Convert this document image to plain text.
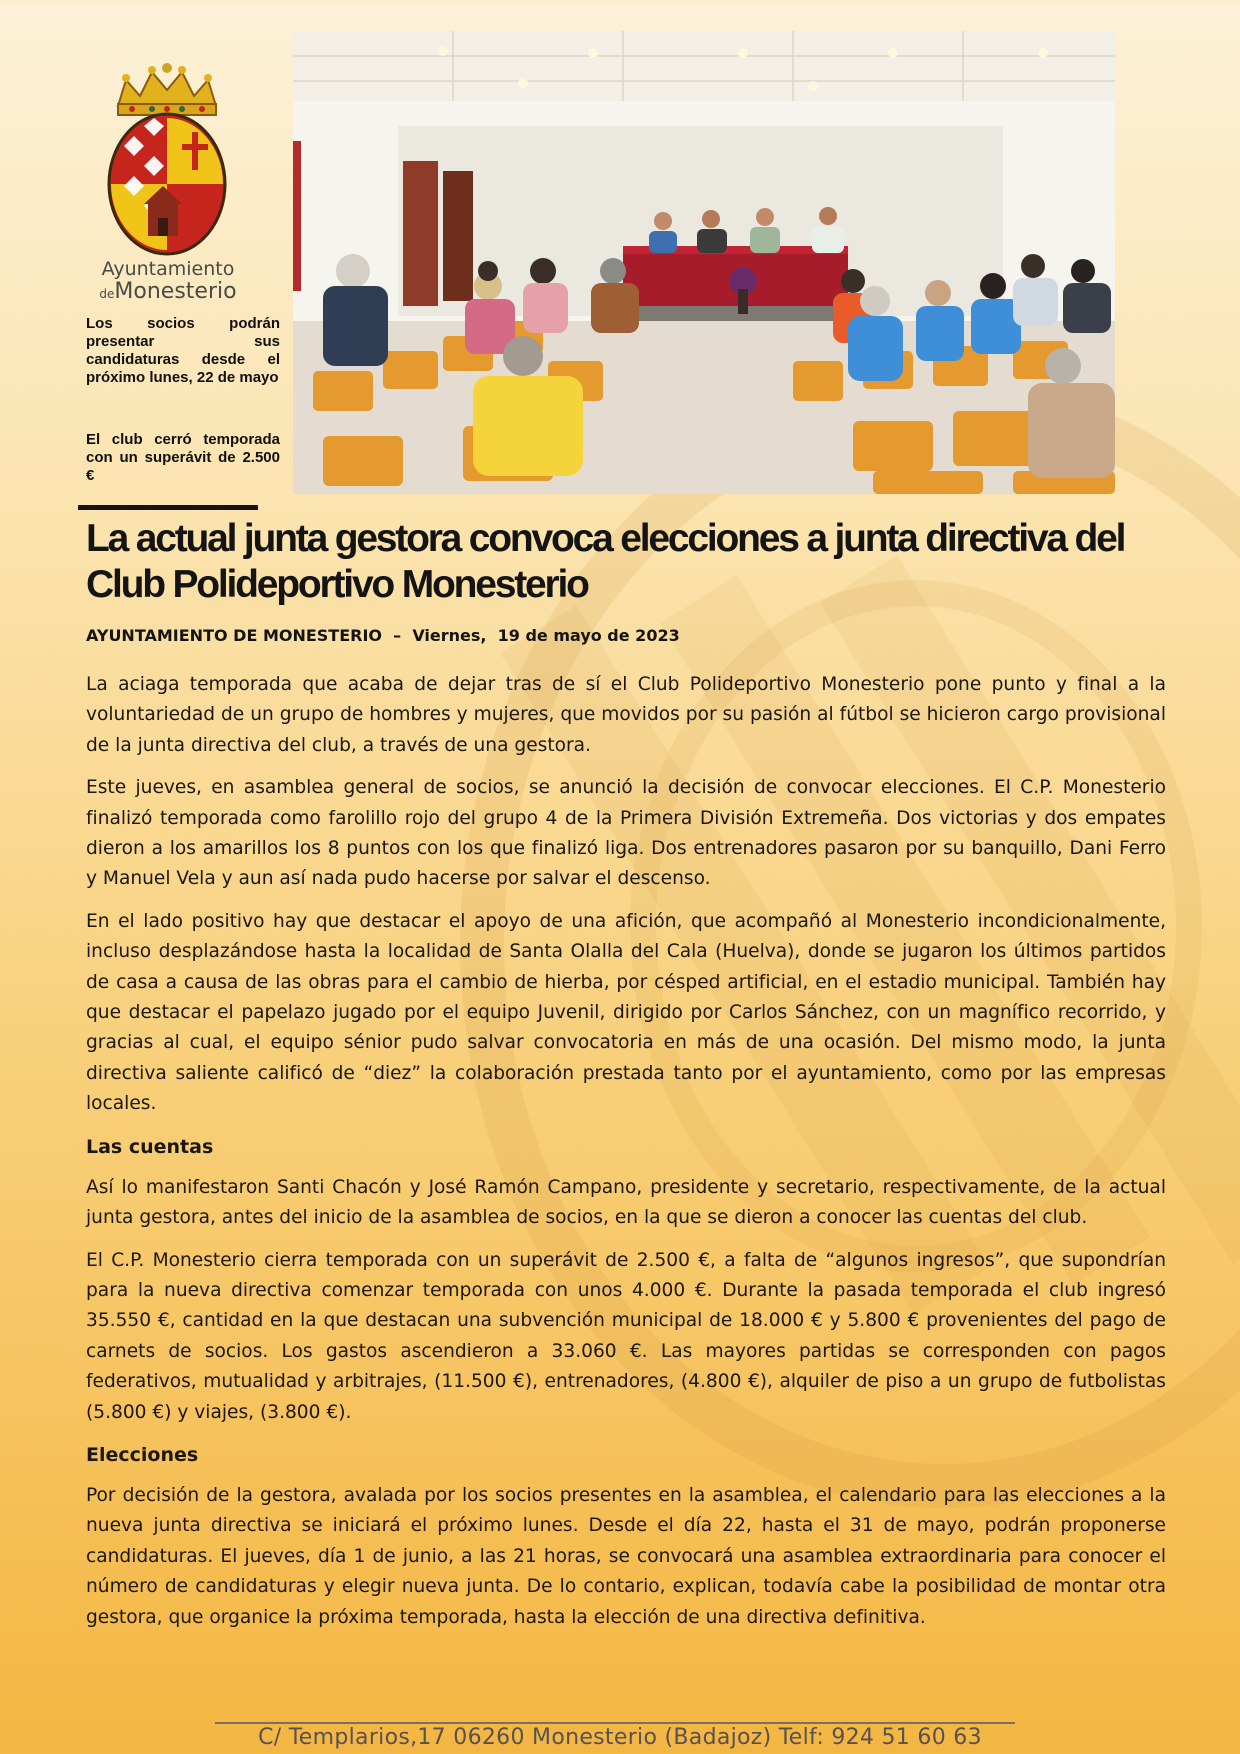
Ayuntamiento
deMonesterio
Los socios podrán presentar sus candidaturas desde el próximo lunes, 22 de mayo
El club cerró temporada con un superávit de 2.500 €
La actual junta gestora convoca elecciones a junta directiva del Club Polideportivo Monesterio
AYUNTAMIENTO DE MONESTERIO – Viernes,  19 de mayo de 2023

La aciaga temporada que acaba de dejar tras de sí el Club Polideportivo Monesterio pone punto y final a la voluntariedad de un grupo de hombres y mujeres, que movidos por su pasión al fútbol se hicieron cargo provisional de la junta directiva del club, a través de una gestora.

Este jueves, en asamblea general de socios, se anunció la decisión de convocar elecciones. El C.P. Monesterio finalizó temporada como farolillo rojo del grupo 4 de la Primera División Extremeña. Dos victorias y dos empates dieron a los amarillos los 8 puntos con los que finalizó liga. Dos entrenadores pasaron por su banquillo, Dani Ferro y Manuel Vela y aun así nada pudo hacerse por salvar el descenso.

En el lado positivo hay que destacar el apoyo de una afición, que acompañó al Monesterio incondicionalmente, incluso desplazándose hasta la localidad de Santa Olalla del Cala (Huelva), donde se jugaron los últimos partidos de casa a causa de las obras para el cambio de hierba, por césped artificial, en el estadio municipal. También hay que destacar el papelazo jugado por el equipo Juvenil, dirigido por Carlos Sánchez, con un magnífico recorrido, y gracias al cual, el equipo sénior pudo salvar convocatoria en más de una ocasión. Del mismo modo, la junta directiva saliente calificó de “diez” la colaboración prestada tanto por el ayuntamiento, como por las empresas locales.

Las cuentas

Así lo manifestaron Santi Chacón y José Ramón Campano, presidente y secretario, respectivamente, de la actual junta gestora, antes del inicio de la asamblea de socios, en la que se dieron a conocer las cuentas del club.

El C.P. Monesterio cierra temporada con un superávit de 2.500 €, a falta de “algunos ingresos”, que supondrían para la nueva directiva comenzar temporada con unos 4.000 €. Durante la pasada temporada el club ingresó 35.550 €, cantidad en la que destacan una subvención municipal de 18.000 € y 5.800 € provenientes del pago de carnets de socios. Los gastos ascendieron a 33.060 €. Las mayores partidas se corresponden con pagos federativos, mutualidad y arbitrajes, (11.500 €), entrenadores, (4.800 €), alquiler de piso a un grupo de futbolistas (5.800 €) y viajes, (3.800 €).

Elecciones

Por decisión de la gestora, avalada por los socios presentes en la asamblea, el calendario para las elecciones a la nueva junta directiva se iniciará el próximo lunes. Desde el día 22, hasta el 31 de mayo, podrán proponerse candidaturas. El jueves, día 1 de junio, a las 21 horas, se convocará una asamblea extraordinaria para conocer el número de candidaturas y elegir nueva junta. De lo contario, explican, todavía cabe la posibilidad de montar otra gestora, que organice la próxima temporada, hasta la elección de una directiva definitiva.

C/ Templarios,17 06260 Monesterio (Badajoz) Telf: 924 51 60 63
